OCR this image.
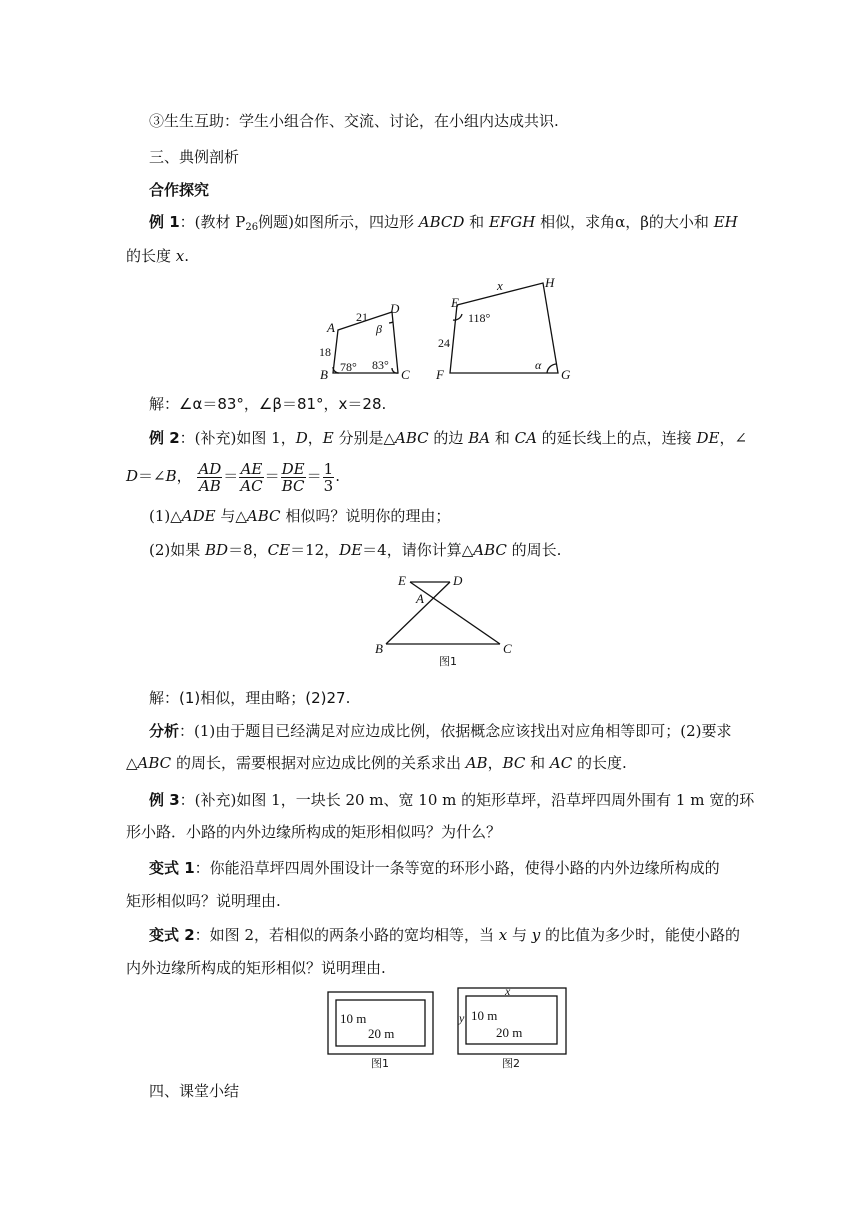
③生生互助：学生小组合作、交流、讨论，在小组内达成共识.
三、典例剖析
合作探究
例 1：(教材 $P_{26}$例题)如图所示，四边形 ABCD 和 EFGH 相似，求角α，β的大小和 EH
的长度 x.
A
B	C
D
18
21
78° 83°
β
E
F	G
H
x
24
118°
α
解：∠α＝83°，∠β＝81°，x＝28.
例 2：(补充)如图 1，D，E 分别是△ABC 的边 BA 和 CA 的延长线上的点，连接 DE，∠
D＝∠B， $\frac{AD}{AB} = \frac{AE}{AC} = \frac{DE}{BC} = \frac{1}{3}$ .
(1)△ADE 与△ABC 相似吗？说明你的理由；
(2)如果 BD＝8，CE＝12，DE＝4，请你计算△ABC 的周长.
E	D
A
B	C
图1
解：(1)相似，理由略；(2)27.
分析：(1)由于题目已经满足对应边成比例，依据概念应该找出对应角相等即可；(2)要求
△ABC 的周长，需要根据对应边成比例的关系求出 AB，BC 和 AC 的长度.
例 3：(补充)如图 1，一块长 20 m、宽 10 m 的矩形草坪，沿草坪四周外围有 1 m 宽的环
形小路．小路的内外边缘所构成的矩形相似吗？为什么？
变式 1：你能沿草坪四周外围设计一条等宽的环形小路，使得小路的内外边缘所构成的
矩形相似吗？说明理由.
变式 2：如图 2，若相似的两条小路的宽均相等，当 x 与 y 的比值为多少时，能使小路的
内外边缘所构成的矩形相似？说明理由.
10 m
20 m
图1
x
y 10 m
20 m
图2
四、课堂小结
